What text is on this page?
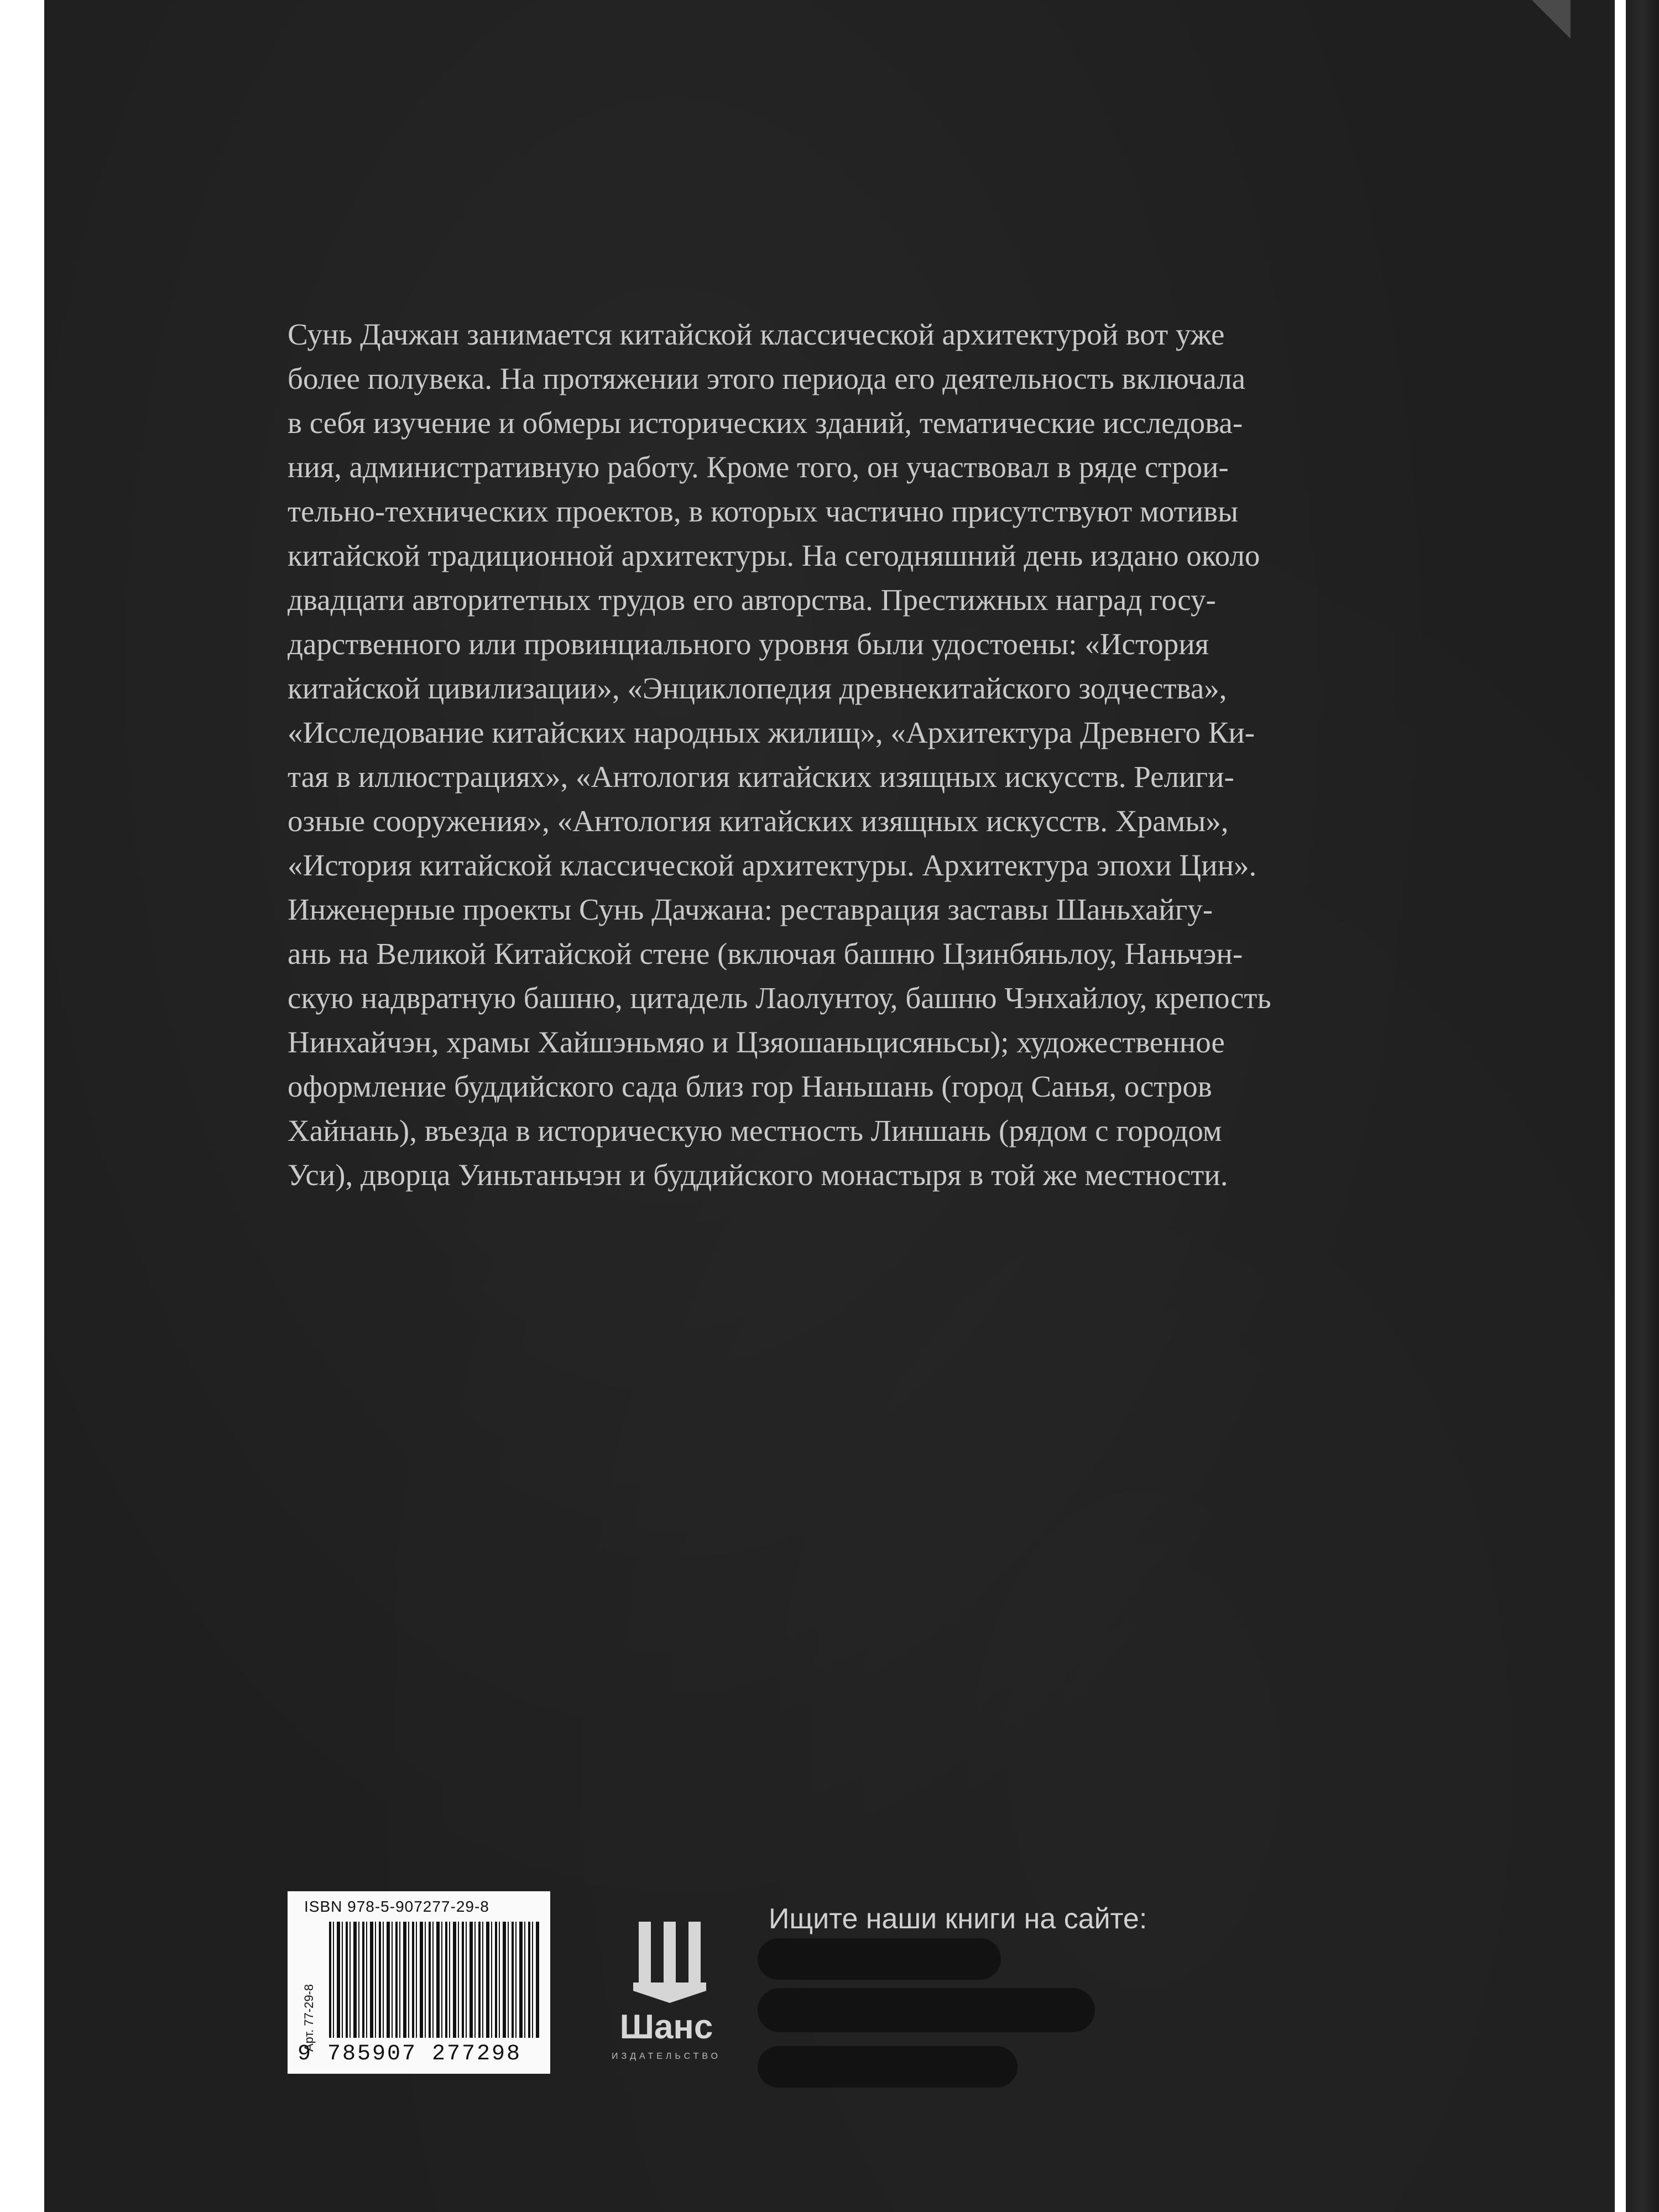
Сунь Дачжан занимается китайской классической архитектурой вот уже
более полувека. На протяжении этого периода его деятельность включала
в себя изучение и обмеры исторических зданий, тематические исследова-
ния, административную работу. Кроме того, он участвовал в ряде строи-
тельно-технических проектов, в которых частично присутствуют мотивы
китайской традиционной архитектуры. На сегодняшний день издано около
двадцати авторитетных трудов его авторства. Престижных наград госу-
дарственного или провинциального уровня были удостоены: «История
китайской цивилизации», «Энциклопедия древнекитайского зодчества»,
«Исследование китайских народных жилищ», «Архитектура Древнего Ки-
тая в иллюстрациях», «Антология китайских изящных искусств. Религи-
озные сооружения», «Антология китайских изящных искусств. Храмы»,
«История китайской классической архитектуры. Архитектура эпохи Цин».
Инженерные проекты Сунь Дачжана: реставрация заставы Шаньхайгу-
ань на Великой Китайской стене (включая башню Цзинбяньлоу, Наньчэн-
скую надвратную башню, цитадель Лаолунтоу, башню Чэнхайлоу, крепость
Нинхайчэн, храмы Хайшэньмяо и Цзяошаньцисяньсы); художественное
оформление буддийского сада близ гор Наньшань (город Санья, остров
Хайнань), въезда в историческую местность Линшань (рядом с городом
Уси), дворца Уиньтаньчэн и буддийского монастыря в той же местности.

ISBN 978-5-907277-29-8
Арт. 77-29-8
9 785907 277298
Шанс
ИЗДАТЕЛЬСТВО
Ищите наши книги на сайте:
